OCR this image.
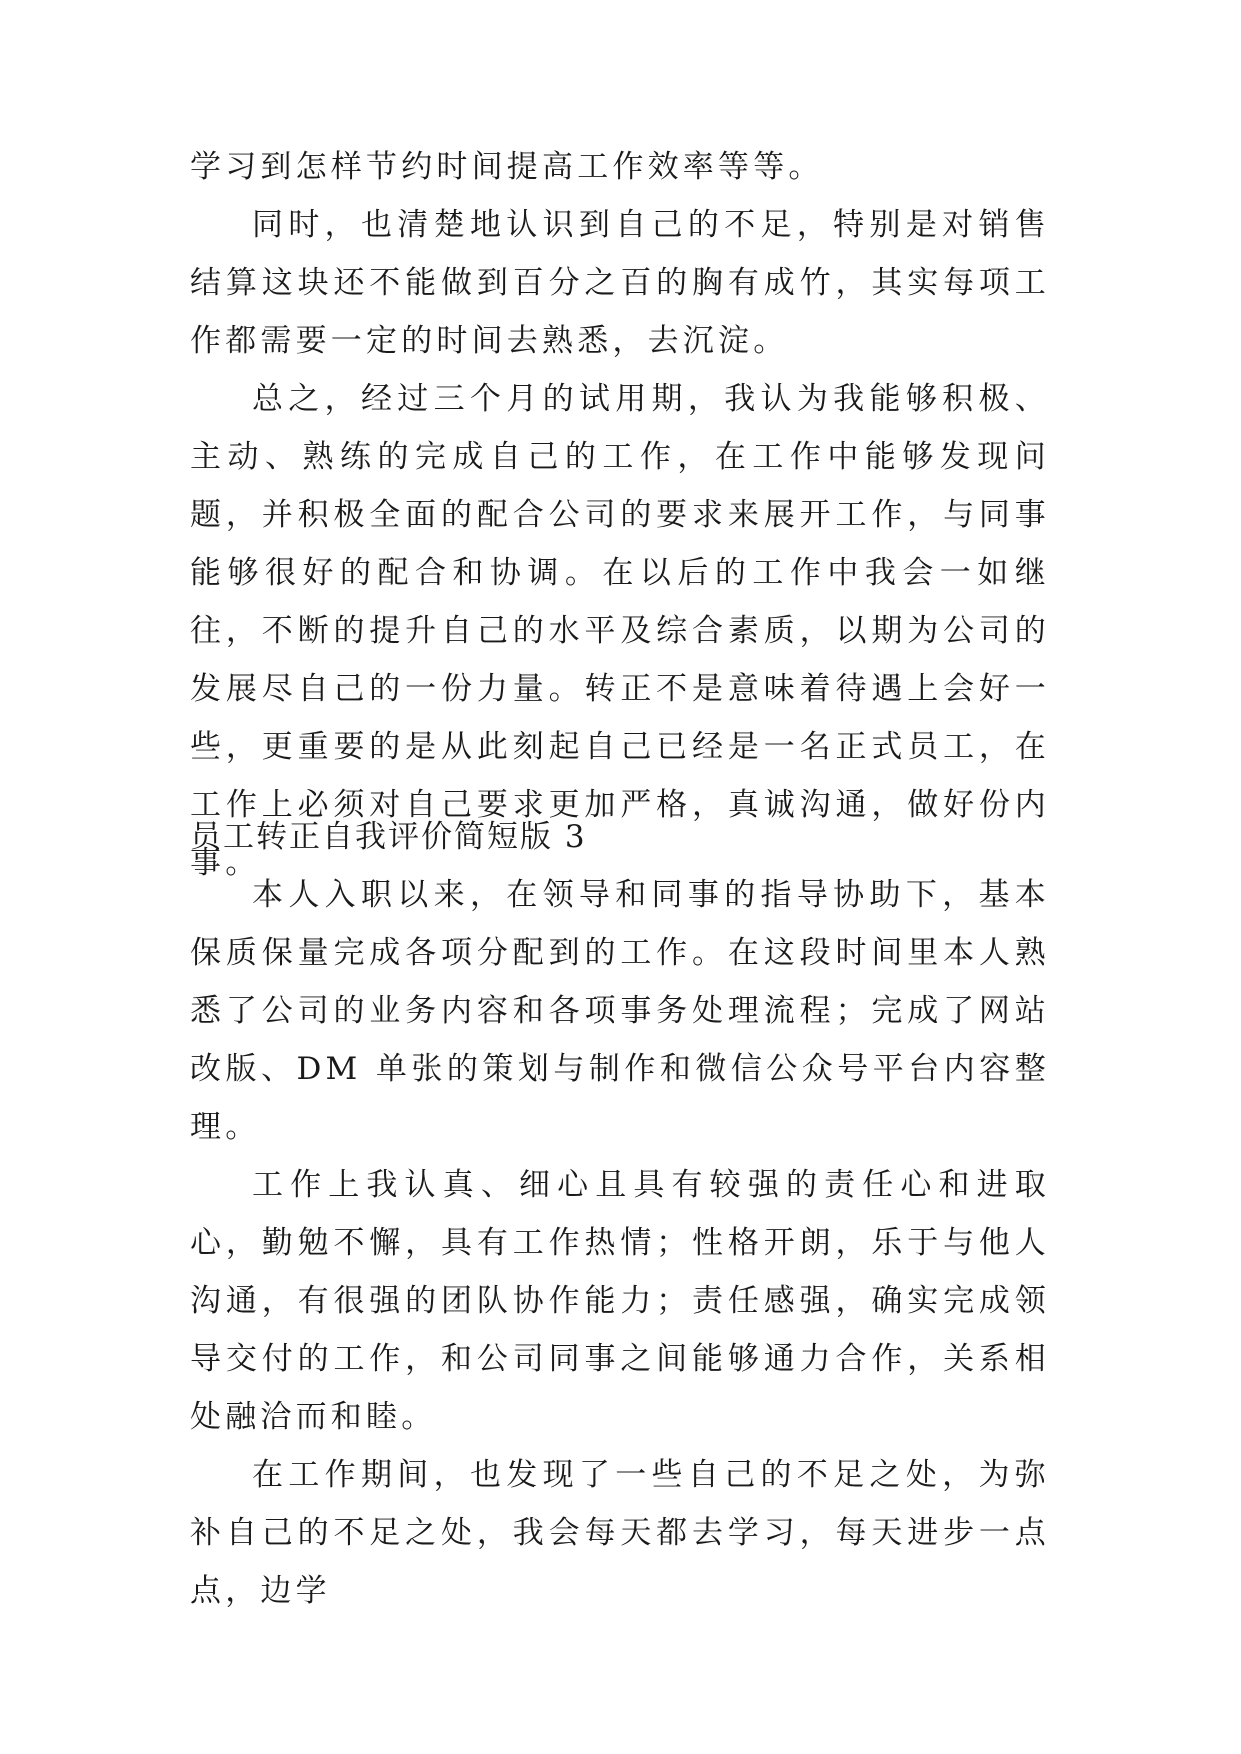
学习到怎样节约时间提高工作效率等等。

同时，也清楚地认识到自己的不足，特别是对销售结算这块还不能做到百分之百的胸有成竹，其实每项工作都需要一定的时间去熟悉，去沉淀。

总之，经过三个月的试用期，我认为我能够积极、主动、熟练的完成自己的工作，在工作中能够发现问题，并积极全面的配合公司的要求来展开工作，与同事能够很好的配合和协调。在以后的工作中我会一如继往，不断的提升自己的水平及综合素质，以期为公司的发展尽自己的一份力量。转正不是意味着待遇上会好一些，更重要的是从此刻起自己已经是一名正式员工，在工作上必须对自己要求更加严格，真诚沟通，做好份内事。

员工转正自我评价简短版 3

本人入职以来，在领导和同事的指导协助下，基本保质保量完成各项分配到的工作。在这段时间里本人熟悉了公司的业务内容和各项事务处理流程；完成了网站改版、DM 单张的策划与制作和微信公众号平台内容整理。

工作上我认真、细心且具有较强的责任心和进取心，勤勉不懈，具有工作热情；性格开朗，乐于与他人沟通，有很强的团队协作能力；责任感强，确实完成领导交付的工作，和公司同事之间能够通力合作，关系相处融洽而和睦。

在工作期间，也发现了一些自己的不足之处，为弥补自己的不足之处，我会每天都去学习，每天进步一点点，边学
